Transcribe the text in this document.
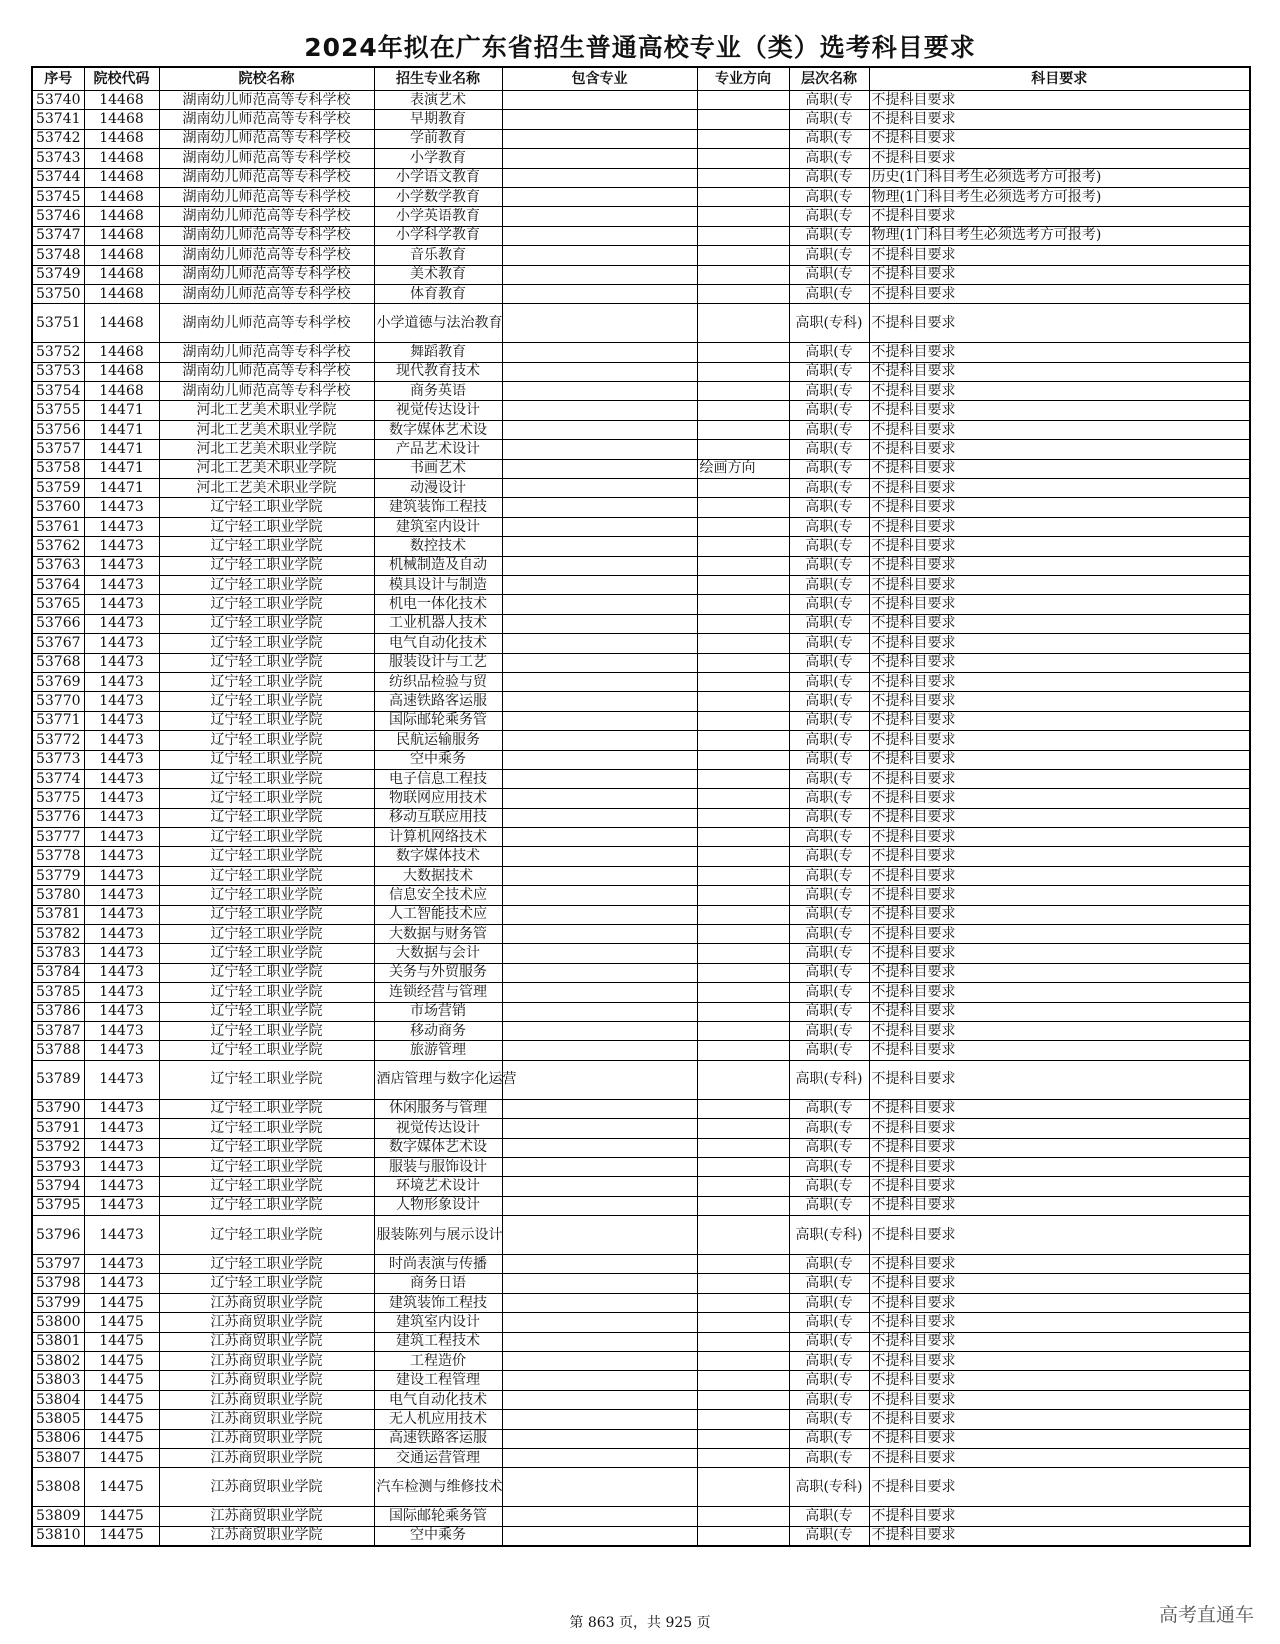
2024年拟在广东省招生普通高校专业（类）选考科目要求
序号	院校代码	院校名称	招生专业名称	包含专业	专业方向	层次名称	科目要求
53740	14468	湖南幼儿师范高等专科学校	表演艺术			高职(专	不提科目要求
53741	14468	湖南幼儿师范高等专科学校	早期教育			高职(专	不提科目要求
53742	14468	湖南幼儿师范高等专科学校	学前教育			高职(专	不提科目要求
53743	14468	湖南幼儿师范高等专科学校	小学教育			高职(专	不提科目要求
53744	14468	湖南幼儿师范高等专科学校	小学语文教育			高职(专	历史(1门科目考生必须选考方可报考)
53745	14468	湖南幼儿师范高等专科学校	小学数学教育			高职(专	物理(1门科目考生必须选考方可报考)
53746	14468	湖南幼儿师范高等专科学校	小学英语教育			高职(专	不提科目要求
53747	14468	湖南幼儿师范高等专科学校	小学科学教育			高职(专	物理(1门科目考生必须选考方可报考)
53748	14468	湖南幼儿师范高等专科学校	音乐教育			高职(专	不提科目要求
53749	14468	湖南幼儿师范高等专科学校	美术教育			高职(专	不提科目要求
53750	14468	湖南幼儿师范高等专科学校	体育教育			高职(专	不提科目要求
53751	14468	湖南幼儿师范高等专科学校	小学道德与法治教育			高职(专科)	不提科目要求
53752	14468	湖南幼儿师范高等专科学校	舞蹈教育			高职(专	不提科目要求
53753	14468	湖南幼儿师范高等专科学校	现代教育技术			高职(专	不提科目要求
53754	14468	湖南幼儿师范高等专科学校	商务英语			高职(专	不提科目要求
53755	14471	河北工艺美术职业学院	视觉传达设计			高职(专	不提科目要求
53756	14471	河北工艺美术职业学院	数字媒体艺术设			高职(专	不提科目要求
53757	14471	河北工艺美术职业学院	产品艺术设计			高职(专	不提科目要求
53758	14471	河北工艺美术职业学院	书画艺术		绘画方向	高职(专	不提科目要求
53759	14471	河北工艺美术职业学院	动漫设计			高职(专	不提科目要求
53760	14473	辽宁轻工职业学院	建筑装饰工程技			高职(专	不提科目要求
53761	14473	辽宁轻工职业学院	建筑室内设计			高职(专	不提科目要求
53762	14473	辽宁轻工职业学院	数控技术			高职(专	不提科目要求
53763	14473	辽宁轻工职业学院	机械制造及自动			高职(专	不提科目要求
53764	14473	辽宁轻工职业学院	模具设计与制造			高职(专	不提科目要求
53765	14473	辽宁轻工职业学院	机电一体化技术			高职(专	不提科目要求
53766	14473	辽宁轻工职业学院	工业机器人技术			高职(专	不提科目要求
53767	14473	辽宁轻工职业学院	电气自动化技术			高职(专	不提科目要求
53768	14473	辽宁轻工职业学院	服装设计与工艺			高职(专	不提科目要求
53769	14473	辽宁轻工职业学院	纺织品检验与贸			高职(专	不提科目要求
53770	14473	辽宁轻工职业学院	高速铁路客运服			高职(专	不提科目要求
53771	14473	辽宁轻工职业学院	国际邮轮乘务管			高职(专	不提科目要求
53772	14473	辽宁轻工职业学院	民航运输服务			高职(专	不提科目要求
53773	14473	辽宁轻工职业学院	空中乘务			高职(专	不提科目要求
53774	14473	辽宁轻工职业学院	电子信息工程技			高职(专	不提科目要求
53775	14473	辽宁轻工职业学院	物联网应用技术			高职(专	不提科目要求
53776	14473	辽宁轻工职业学院	移动互联应用技			高职(专	不提科目要求
53777	14473	辽宁轻工职业学院	计算机网络技术			高职(专	不提科目要求
53778	14473	辽宁轻工职业学院	数字媒体技术			高职(专	不提科目要求
53779	14473	辽宁轻工职业学院	大数据技术			高职(专	不提科目要求
53780	14473	辽宁轻工职业学院	信息安全技术应			高职(专	不提科目要求
53781	14473	辽宁轻工职业学院	人工智能技术应			高职(专	不提科目要求
53782	14473	辽宁轻工职业学院	大数据与财务管			高职(专	不提科目要求
53783	14473	辽宁轻工职业学院	大数据与会计			高职(专	不提科目要求
53784	14473	辽宁轻工职业学院	关务与外贸服务			高职(专	不提科目要求
53785	14473	辽宁轻工职业学院	连锁经营与管理			高职(专	不提科目要求
53786	14473	辽宁轻工职业学院	市场营销			高职(专	不提科目要求
53787	14473	辽宁轻工职业学院	移动商务			高职(专	不提科目要求
53788	14473	辽宁轻工职业学院	旅游管理			高职(专	不提科目要求
53789	14473	辽宁轻工职业学院	酒店管理与数字化运营			高职(专科)	不提科目要求
53790	14473	辽宁轻工职业学院	休闲服务与管理			高职(专	不提科目要求
53791	14473	辽宁轻工职业学院	视觉传达设计			高职(专	不提科目要求
53792	14473	辽宁轻工职业学院	数字媒体艺术设			高职(专	不提科目要求
53793	14473	辽宁轻工职业学院	服装与服饰设计			高职(专	不提科目要求
53794	14473	辽宁轻工职业学院	环境艺术设计			高职(专	不提科目要求
53795	14473	辽宁轻工职业学院	人物形象设计			高职(专	不提科目要求
53796	14473	辽宁轻工职业学院	服装陈列与展示设计			高职(专科)	不提科目要求
53797	14473	辽宁轻工职业学院	时尚表演与传播			高职(专	不提科目要求
53798	14473	辽宁轻工职业学院	商务日语			高职(专	不提科目要求
53799	14475	江苏商贸职业学院	建筑装饰工程技			高职(专	不提科目要求
53800	14475	江苏商贸职业学院	建筑室内设计			高职(专	不提科目要求
53801	14475	江苏商贸职业学院	建筑工程技术			高职(专	不提科目要求
53802	14475	江苏商贸职业学院	工程造价			高职(专	不提科目要求
53803	14475	江苏商贸职业学院	建设工程管理			高职(专	不提科目要求
53804	14475	江苏商贸职业学院	电气自动化技术			高职(专	不提科目要求
53805	14475	江苏商贸职业学院	无人机应用技术			高职(专	不提科目要求
53806	14475	江苏商贸职业学院	高速铁路客运服			高职(专	不提科目要求
53807	14475	江苏商贸职业学院	交通运营管理			高职(专	不提科目要求
53808	14475	江苏商贸职业学院	汽车检测与维修技术			高职(专科)	不提科目要求
53809	14475	江苏商贸职业学院	国际邮轮乘务管			高职(专	不提科目要求
53810	14475	江苏商贸职业学院	空中乘务			高职(专	不提科目要求
第 863 页，共 925 页	高考直通车
